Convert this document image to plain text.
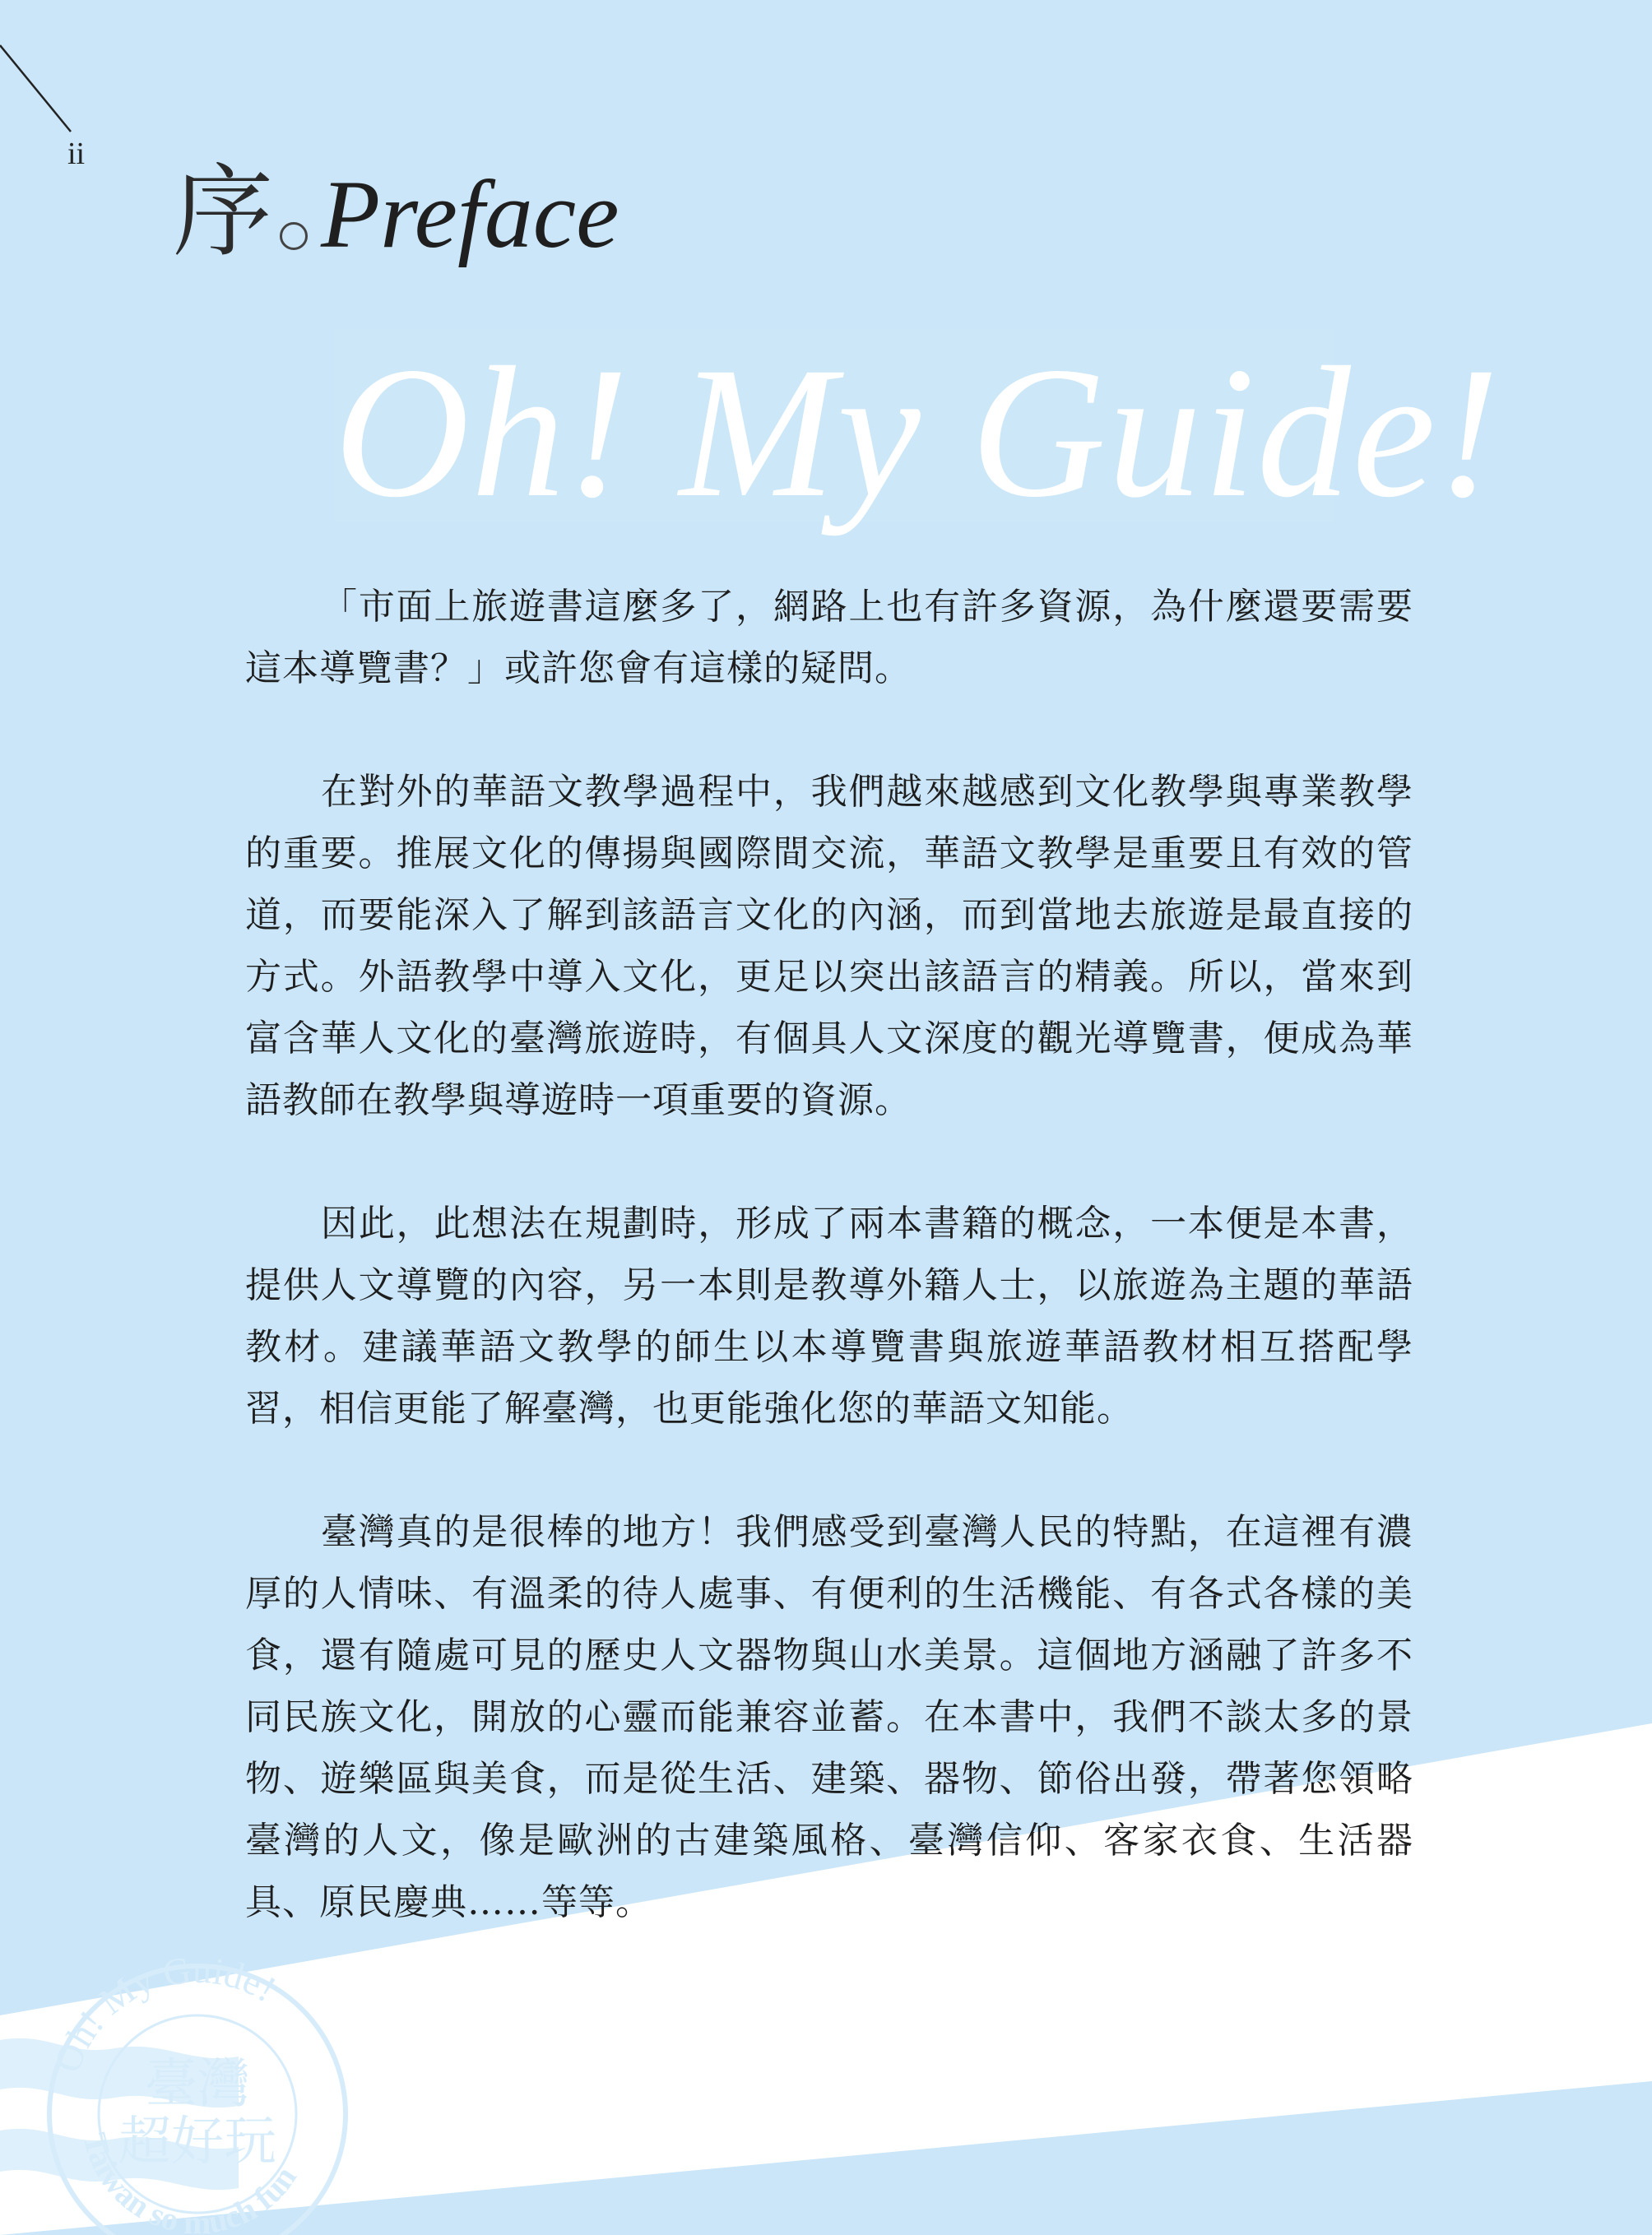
ii 序 Preface
Oh! My Guide!

「市面上旅遊書這麼多了，網路上也有許多資源，為什麼還要需要這本導覽書？」或許您會有這樣的疑問。

在對外的華語文教學過程中，我們越來越感到文化教學與專業教學的重要。推展文化的傳揚與國際間交流，華語文教學是重要且有效的管道，而要能深入了解到該語言文化的內涵，而到當地去旅遊是最直接的方式。外語教學中導入文化，更足以突出該語言的精義。所以，當來到富含華人文化的臺灣旅遊時，有個具人文深度的觀光導覽書，便成為華語教師在教學與導遊時一項重要的資源。

因此，此想法在規劃時，形成了兩本書籍的概念，一本便是本書，提供人文導覽的內容，另一本則是教導外籍人士，以旅遊為主題的華語教材。建議華語文教學的師生以本導覽書與旅遊華語教材相互搭配學習，相信更能了解臺灣，也更能強化您的華語文知能。

臺灣真的是很棒的地方！我們感受到臺灣人民的特點，在這裡有濃厚的人情味、有溫柔的待人處事、有便利的生活機能、有各式各樣的美食，還有隨處可見的歷史人文器物與山水美景。這個地方涵融了許多不同民族文化，開放的心靈而能兼容並蓄。在本書中，我們不談太多的景物、遊樂區與美食，而是從生活、建築、器物、節俗出發，帶著您領略臺灣的人文，像是歐洲的古建築風格、臺灣信仰、客家衣食、生活器具、原民慶典……等等。

Oh! My Guide!
Taiwan so much fun
臺灣
超好玩
